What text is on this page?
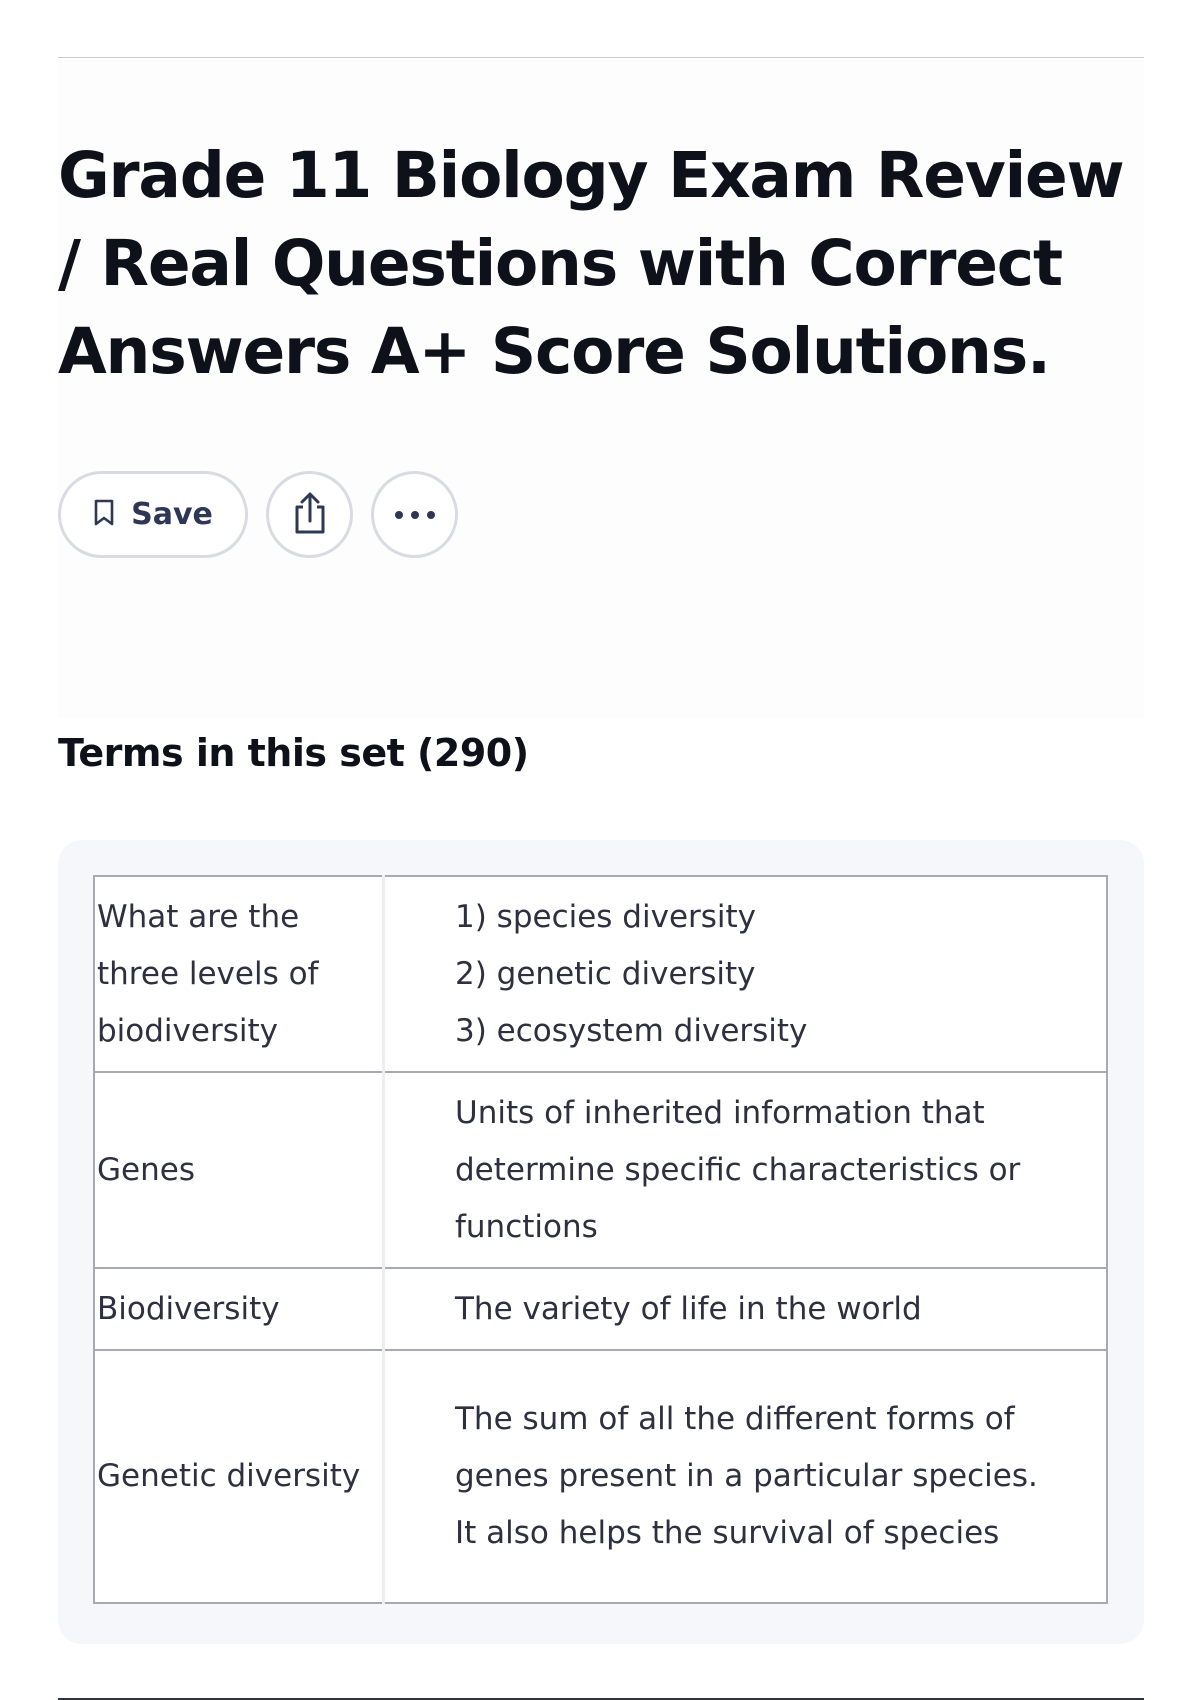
Grade 11 Biology Exam Review / Real Questions with Correct Answers A+ Score Solutions.
Save
Terms in this set (290)
What are the three levels of biodiversity	1) species diversity
2) genetic diversity
3) ecosystem diversity

Genes	Units of inherited information that determine specific characteristics or functions
Biodiversity	The variety of life in the world
Genetic diversity	The sum of all the different forms of genes present in a particular species. It also helps the survival of species
